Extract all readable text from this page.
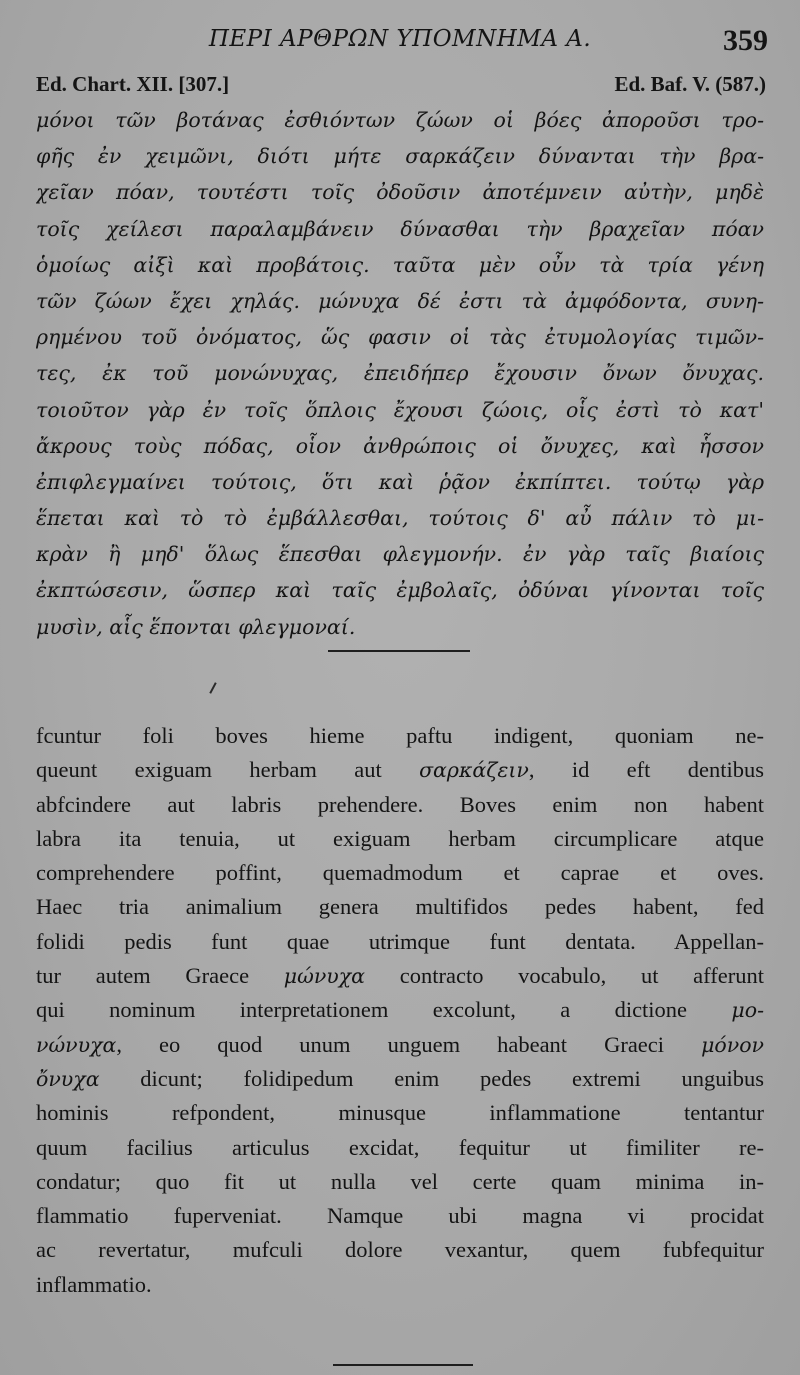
ΠΕΡΙ ΑΡΘΡΩΝ ΥΠΟΜΝΗΜΑ Α.	359
Ed. Chart. XII. [307.]	Ed. Baf. V. (587.)
μόνοι τῶν βοτάνας ἐσθιόντων ζώων οἱ βόες ἀποροῦσι τρο-
φῆς ἐν χειμῶνι, διότι μήτε σαρκάζειν δύνανται τὴν βρα-
χεῖαν πόαν, τουτέστι τοῖς ὀδοῦσιν ἀποτέμνειν αὐτὴν, μηδὲ
τοῖς χείλεσι παραλαμβάνειν δύνασθαι τὴν βραχεῖαν πόαν
ὁμοίως αἰξὶ καὶ προβάτοις. ταῦτα μὲν οὖν τὰ τρία γένη
τῶν ζώων ἔχει χηλάς. μώνυχα δέ ἐστι τὰ ἀμφόδοντα, συνη-
ρημένου τοῦ ὀνόματος, ὥς φασιν οἱ τὰς ἐτυμολογίας τιμῶν-
τες, ἐκ τοῦ μονώνυχας, ἐπειδήπερ ἔχουσιν ὄνων ὄνυχας.
τοιοῦτον γὰρ ἐν τοῖς ὅπλοις ἔχουσι ζώοις, οἷς ἐστὶ τὸ κατ'
ἄκρους τοὺς πόδας, οἷον ἀνθρώποις οἱ ὄνυχες, καὶ ἧσσον
ἐπιφλεγμαίνει τούτοις, ὅτι καὶ ῥᾷον ἐκπίπτει. τούτῳ γὰρ
ἕπεται καὶ τὸ τὸ ἐμβάλλεσθαι, τούτοις δ' αὖ πάλιν τὸ μι-
κρὰν ἢ μηδ' ὅλως ἕπεσθαι φλεγμονήν. ἐν γὰρ ταῖς βιαίοις
ἐκπτώσεσιν, ὥσπερ καὶ ταῖς ἐμβολαῖς, ὀδύναι γίνονται τοῖς
μυσὶν, αἷς ἕπονται φλεγμοναί.
fcuntur foli boves hieme paftu indigent, quoniam ne-
queunt exiguam herbam aut σαρκάζειν, id eft dentibus
abfcindere aut labris prehendere. Boves enim non habent
labra ita tenuia, ut exiguam herbam circumplicare atque
comprehendere poffint, quemadmodum et caprae et oves.
Haec tria animalium genera multifidos pedes habent, fed
folidi pedis funt quae utrimque funt dentata. Appellan-
tur autem Graece μώνυχα contracto vocabulo, ut afferunt
qui nominum interpretationem excolunt, a dictione μο-
νώνυχα, eo quod unum unguem habeant Graeci μόνον
ὄνυχα dicunt; folidipedum enim pedes extremi unguibus
hominis refpondent, minusque inflammatione tentantur
quum facilius articulus excidat, fequitur ut fimiliter re-
condatur; quo fit ut nulla vel certe quam minima in-
flammatio fuperveniat. Namque ubi magna vi procidat
ac revertatur, mufculi dolore vexantur, quem fubfequitur
inflammatio.
